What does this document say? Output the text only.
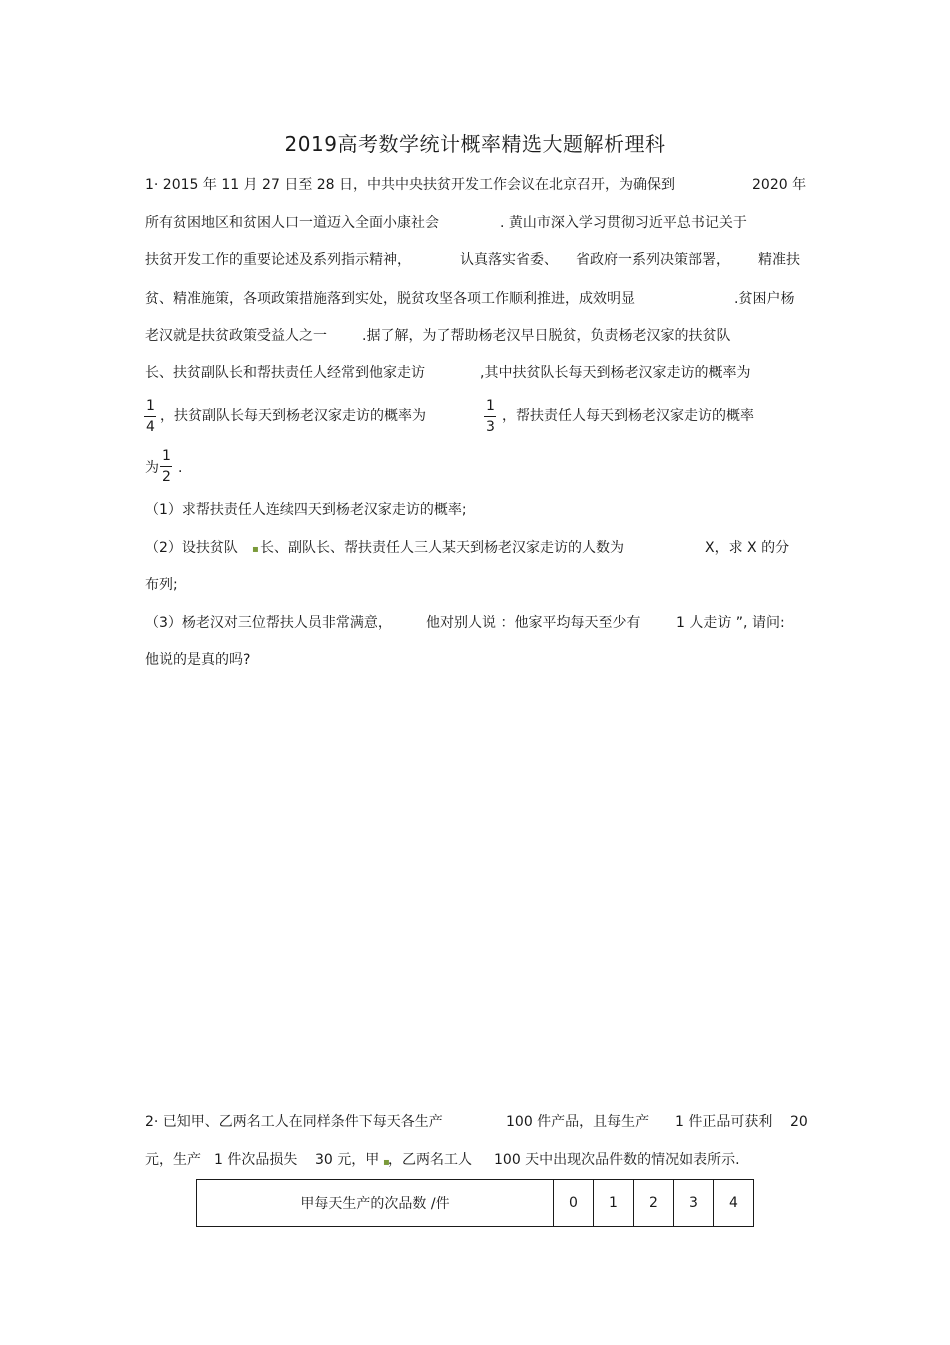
2019高考数学统计概率精选大题解析理科
1· 2015 年 11 月 27 日至 28 日，中共中央扶贫开发工作会议在北京召开，为确保到	2020 年
所有贫困地区和贫困人口一道迈入全面小康社会	. 黄山市深入学习贯彻习近平总书记关于
扶贫开发工作的重要论述及系列指示精神，	认真落实省委、 省政府一系列决策部署， 精准扶
贫、精准施策，各项政策措施落到实处，脱贫攻坚各项工作顺利推进，成效明显	.贫困户杨
老汉就是扶贫政策受益人之一	.据了解，为了帮助杨老汉早日脱贫，负责杨老汉家的扶贫队
长、扶贫副队长和帮扶责任人经常到他家走访	,其中扶贫队长每天到杨老汉家走访的概率为
1
4
，扶贫副队长每天到杨老汉家走访的概率为
1
3
，帮扶责任人每天到杨老汉家走访的概率
为
1
2
.
（1）求帮扶责任人连续四天到杨老汉家走访的概率;
（2）设扶贫队 ▪ 长、副队长、帮扶责任人三人某天到杨老汉家走访的人数为	X，求 X 的分
布列;
（3）杨老汉对三位帮扶人员非常满意， 他对别人说 ：他家平均每天至少有	1 人走访 ”, 请问:
他说的是真的吗?
2· 已知甲、乙两名工人在同样条件下每天各生产	100 件产品，且每生产 1 件正品可获利 20
元，生产 1 件次品损失 30 元，甲 ▪
，乙两名工人 100 天中出现次品件数的情况如表所示.
甲每天生产的次品数 /件	0	1	2	3	4
